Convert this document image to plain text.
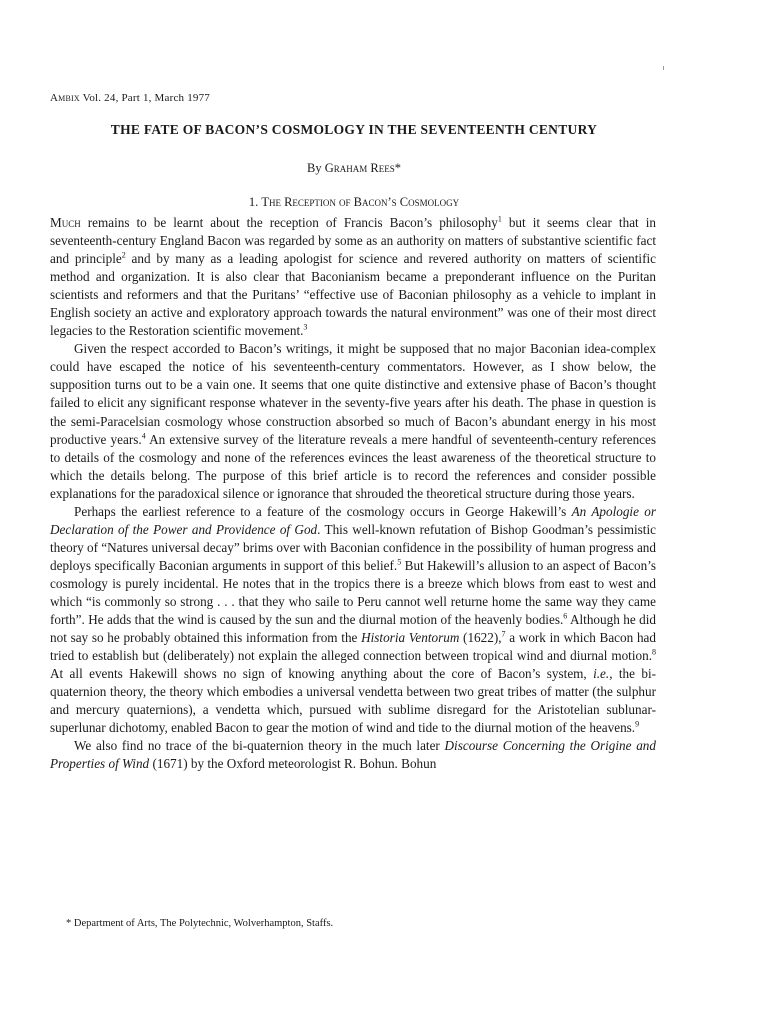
Ambix Vol. 24, Part 1, March 1977
THE FATE OF BACON’S COSMOLOGY IN THE SEVENTEENTH CENTURY
By Graham Rees*
1. The Reception of Bacon’s Cosmology

Much remains to be learnt about the reception of Francis Bacon’s philosophy$^1$ but it seems clear that in seventeenth-century England Bacon was regarded by some as an authority on matters of substantive scientific fact and principle$^2$ and by many as a leading apologist for science and revered authority on matters of scientific method and organization. It is also clear that Baconianism became a preponderant influence on the Puritan scientists and reformers and that the Puritans’ “effective use of Baconian philosophy as a vehicle to implant in English society an active and exploratory approach towards the natural environment” was one of their most direct legacies to the Restoration scientific movement.$^3$

Given the respect accorded to Bacon’s writings, it might be supposed that no major Baconian idea-complex could have escaped the notice of his seventeenth-century commentators. However, as I show below, the supposition turns out to be a vain one. It seems that one quite distinctive and extensive phase of Bacon’s thought failed to elicit any significant response whatever in the seventy-five years after his death. The phase in question is the semi-Paracelsian cosmology whose construction absorbed so much of Bacon’s abundant energy in his most productive years.$^4$ An extensive survey of the literature reveals a mere handful of seventeenth-century references to details of the cosmology and none of the references evinces the least awareness of the theoretical structure to which the details belong. The purpose of this brief article is to record the references and consider possible explanations for the paradoxical silence or ignorance that shrouded the theoretical structure during those years.

Perhaps the earliest reference to a feature of the cosmology occurs in George Hakewill’s An Apologie or Declaration of the Power and Providence of God. This well-known refutation of Bishop Goodman’s pessimistic theory of “Natures universal decay” brims over with Baconian confidence in the possibility of human progress and deploys specifically Baconian arguments in support of this belief.$^5$ But Hakewill’s allusion to an aspect of Bacon’s cosmology is purely incidental. He notes that in the tropics there is a breeze which blows from east to west and which “is commonly so strong . . . that they who saile to Peru cannot well returne home the same way they came forth”. He adds that the wind is caused by the sun and the diurnal motion of the heavenly bodies.$^6$ Although he did not say so he probably obtained this information from the Historia Ventorum (1622),$^7$ a work in which Bacon had tried to establish but (deliberately) not explain the alleged connection between tropical wind and diurnal motion.$^8$ At all events Hakewill shows no sign of knowing anything about the core of Bacon’s system, i.e., the bi-quaternion theory, the theory which embodies a universal vendetta between two great tribes of matter (the sulphur and mercury quaternions), a vendetta which, pursued with sublime disregard for the Aristotelian sublunar-superlunar dichotomy, enabled Bacon to gear the motion of wind and tide to the diurnal motion of the heavens.$^9$

We also find no trace of the bi-quaternion theory in the much later Discourse Concerning the Origine and Properties of Wind (1671) by the Oxford meteorologist R. Bohun. Bohun

* Department of Arts, The Polytechnic, Wolverhampton, Staffs.
